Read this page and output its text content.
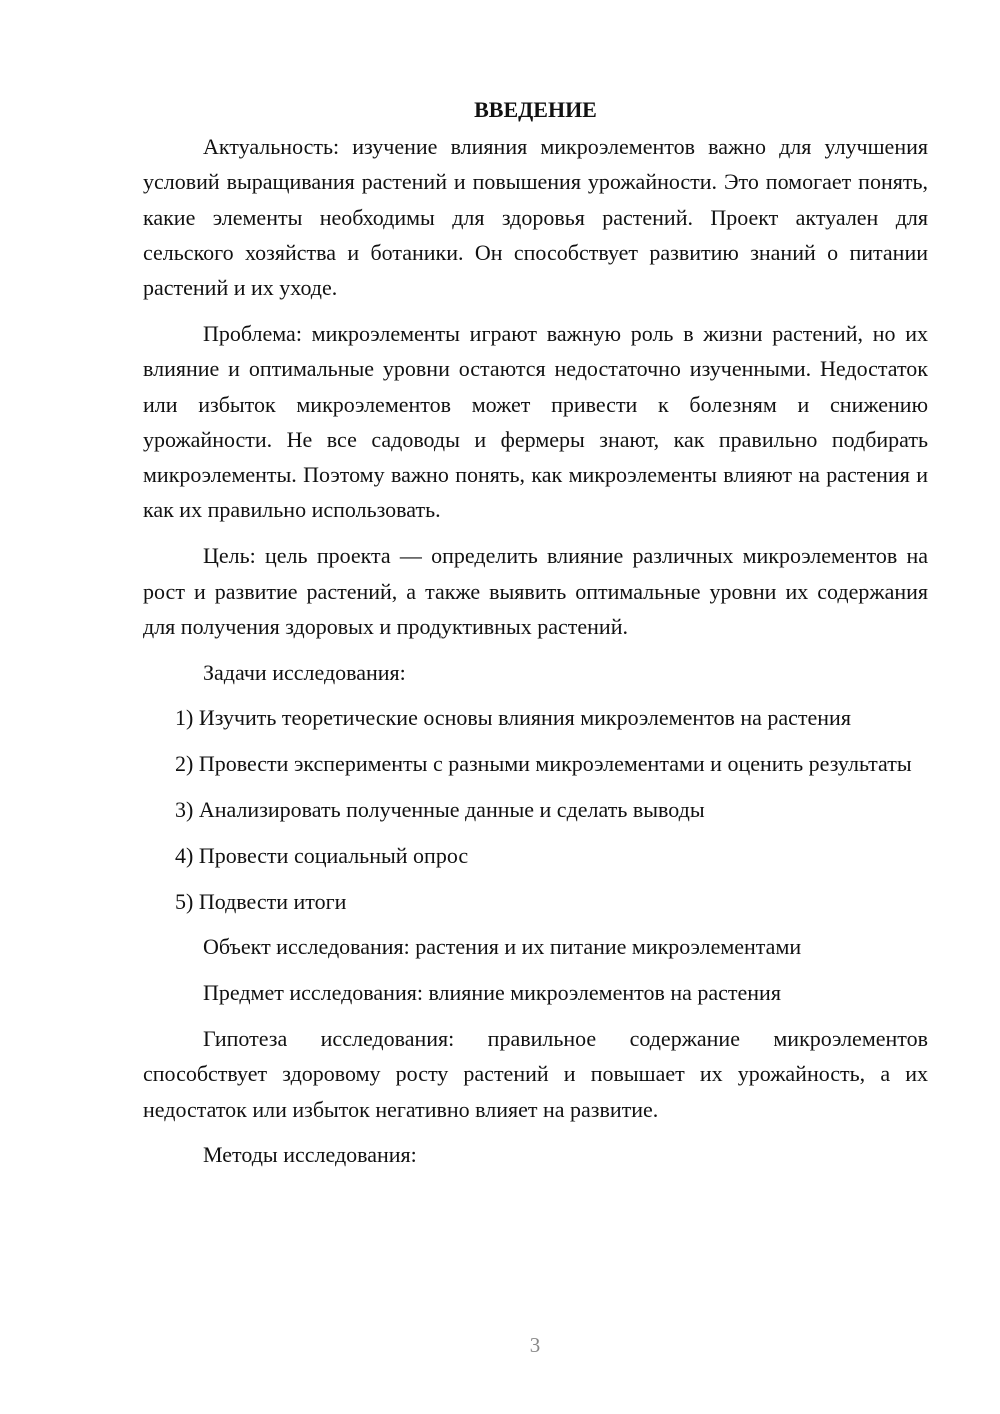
ВВЕДЕНИЕ

Актуальность: изучение влияния микроэлементов важно для улучшения условий выращивания растений и повышения урожайности. Это помогает понять, какие элементы необходимы для здоровья растений. Проект актуален для сельского хозяйства и ботаники. Он способствует развитию знаний о питании растений и их уходе.

Проблема: микроэлементы играют важную роль в жизни растений, но их влияние и оптимальные уровни остаются недостаточно изученными. Недостаток или избыток микроэлементов может привести к болезням и снижению урожайности. Не все садоводы и фермеры знают, как правильно подбирать микроэлементы. Поэтому важно понять, как микроэлементы влияют на растения и как их правильно использовать.

Цель: цель проекта — определить влияние различных микроэлементов на рост и развитие растений, а также выявить оптимальные уровни их содержания для получения здоровых и продуктивных растений.

Задачи исследования:

1) Изучить теоретические основы влияния микроэлементов на растения

2) Провести эксперименты с разными микроэлементами и оценить результаты

3) Анализировать полученные данные и сделать выводы

4) Провести социальный опрос

5) Подвести итоги

Объект исследования: растения и их питание микроэлементами

Предмет исследования: влияние микроэлементов на растения

Гипотеза исследования: правильное содержание микроэлементов способствует здоровому росту растений и повышает их урожайность, а их недостаток или избыток негативно влияет на развитие.

Методы исследования:

3
